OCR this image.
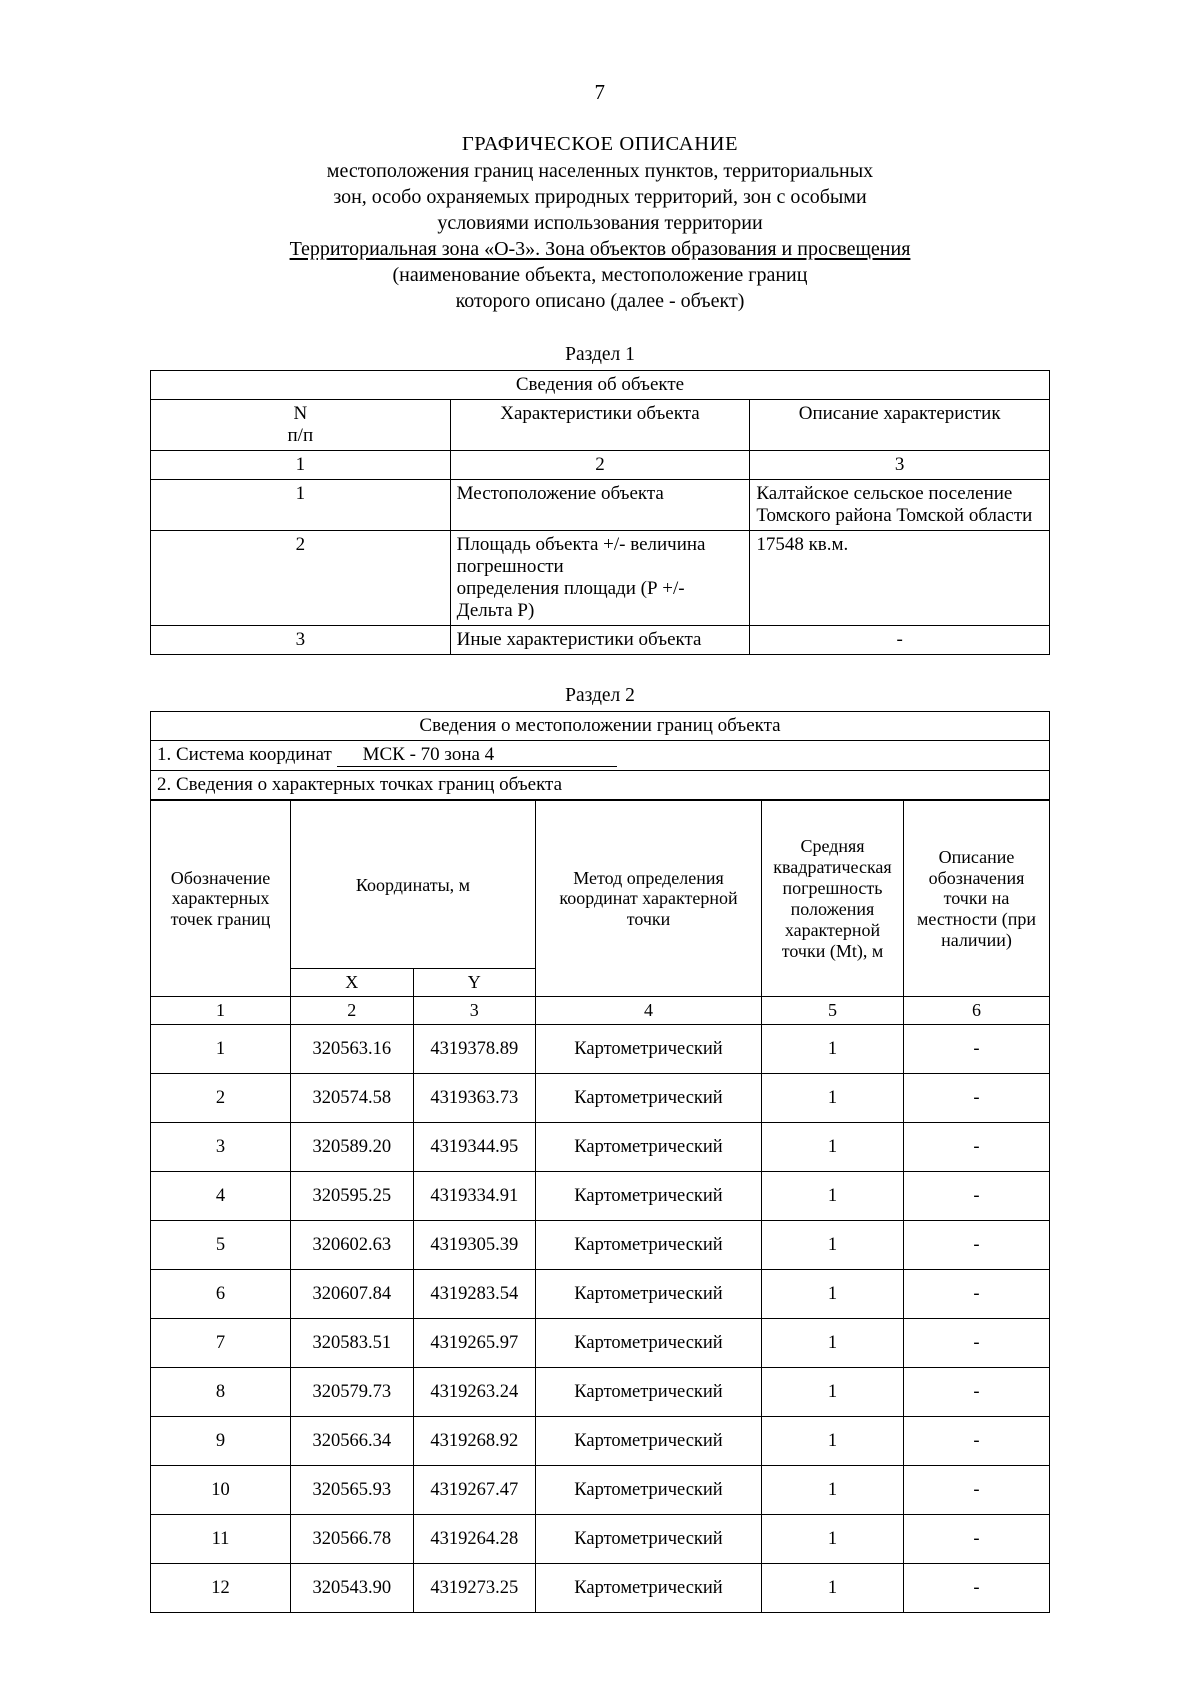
7
ГРАФИЧЕСКОЕ ОПИСАНИЕ
местоположения границ населенных пунктов, территориальных
зон, особо охраняемых природных территорий, зон с особыми
условиями использования территории
Территориальная зона «О-3». Зона объектов образования и просвещения
(наименование объекта, местоположение границ
которого описано (далее - объект)
Раздел 1
Сведения об объекте		
N
п/п	Характеристики объекта	Описание характеристик
1	2	3
1	Местоположение объекта	Калтайское сельское поселение
Томского района Томской области

2	Площадь объекта +/- величина погрешности
определения площади (Р +/- Дельта Р)	17548 кв.м.
3	Иные характеристики объекта	-
Раздел 2
Сведения о местоположении границ объекта
1. Система координат МСК - 70 зона 4
2. Сведения о характерных точках границ объекта
Обозначение характерных точек границ	Координаты, м		Метод определения координат характерной точки	Средняя квадратическая погрешность положения характерной точки (Mt), м	Описание обозначения точки на местности (при наличии)
	X	Y			
1	2	3	4	5	6
1	320563.16	4319378.89	Картометрический	1	-
2	320574.58	4319363.73	Картометрический	1	-
3	320589.20	4319344.95	Картометрический	1	-
4	320595.25	4319334.91	Картометрический	1	-
5	320602.63	4319305.39	Картометрический	1	-
6	320607.84	4319283.54	Картометрический	1	-
7	320583.51	4319265.97	Картометрический	1	-
8	320579.73	4319263.24	Картометрический	1	-
9	320566.34	4319268.92	Картометрический	1	-
10	320565.93	4319267.47	Картометрический	1	-
11	320566.78	4319264.28	Картометрический	1	-
12	320543.90	4319273.25	Картометрический	1	-
